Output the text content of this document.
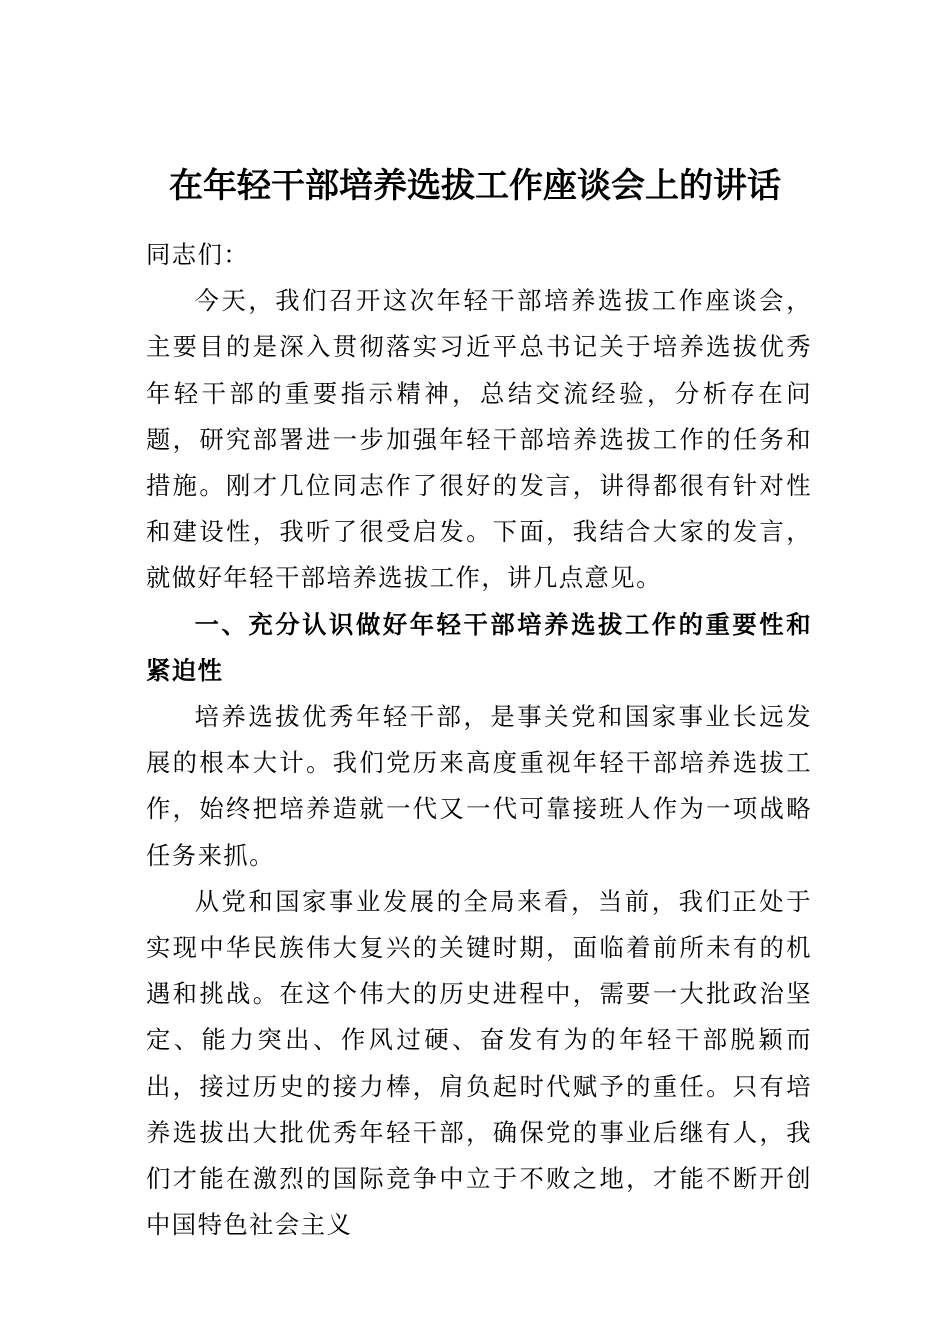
在年轻干部培养选拔工作座谈会上的讲话

同志们：

今天，我们召开这次年轻干部培养选拔工作座谈会，主要目的是深入贯彻落实习近平总书记关于培养选拔优秀年轻干部的重要指示精神，总结交流经验，分析存在问题，研究部署进一步加强年轻干部培养选拔工作的任务和措施。刚才几位同志作了很好的发言，讲得都很有针对性和建设性，我听了很受启发。下面，我结合大家的发言，就做好年轻干部培养选拔工作，讲几点意见。

一、充分认识做好年轻干部培养选拔工作的重要性和紧迫性

培养选拔优秀年轻干部，是事关党和国家事业长远发展的根本大计。我们党历来高度重视年轻干部培养选拔工作，始终把培养造就一代又一代可靠接班人作为一项战略任务来抓。

从党和国家事业发展的全局来看，当前，我们正处于实现中华民族伟大复兴的关键时期，面临着前所未有的机遇和挑战。在这个伟大的历史进程中，需要一大批政治坚定、能力突出、作风过硬、奋发有为的年轻干部脱颖而出，接过历史的接力棒，肩负起时代赋予的重任。只有培养选拔出大批优秀年轻干部，确保党的事业后继有人，我们才能在激烈的国际竞争中立于不败之地，才能不断开创中国特色社会主义
